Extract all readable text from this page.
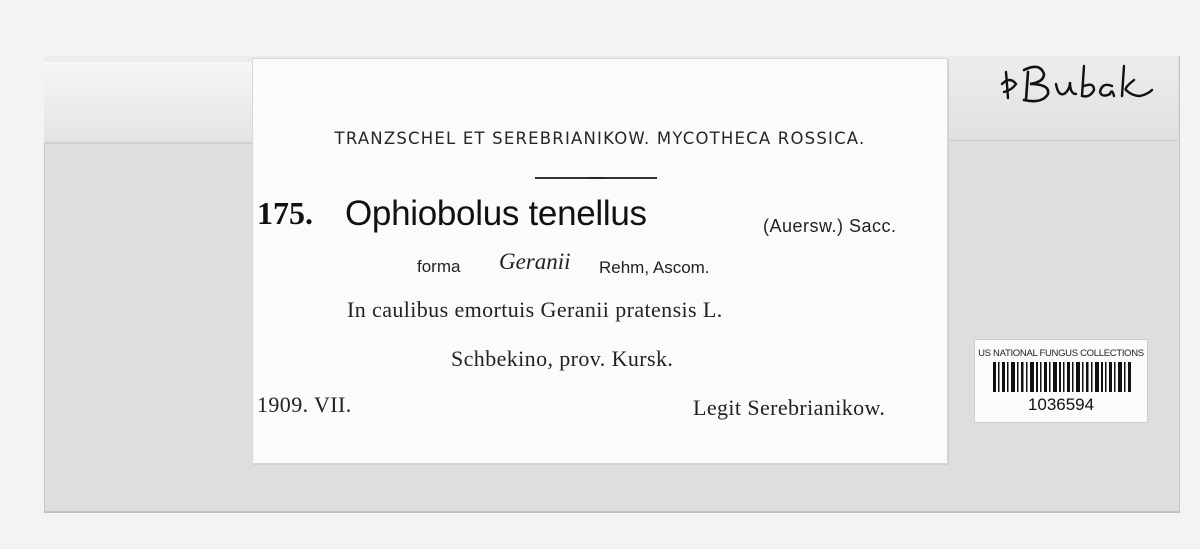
TRANZSCHEL ET SEREBRIANIKOW. MYCOTHECA ROSSICA.
175. Ophiobolus tenellus	(Auersw.) Sacc.
forma Geranii Rehm, Ascom.
In caulibus emortuis Geranii pratensis L.
Schbekino, prov. Kursk.
1909. VII.	Legit Serebrianikow.
US NATIONAL FUNGUS COLLECTIONS
1036594
